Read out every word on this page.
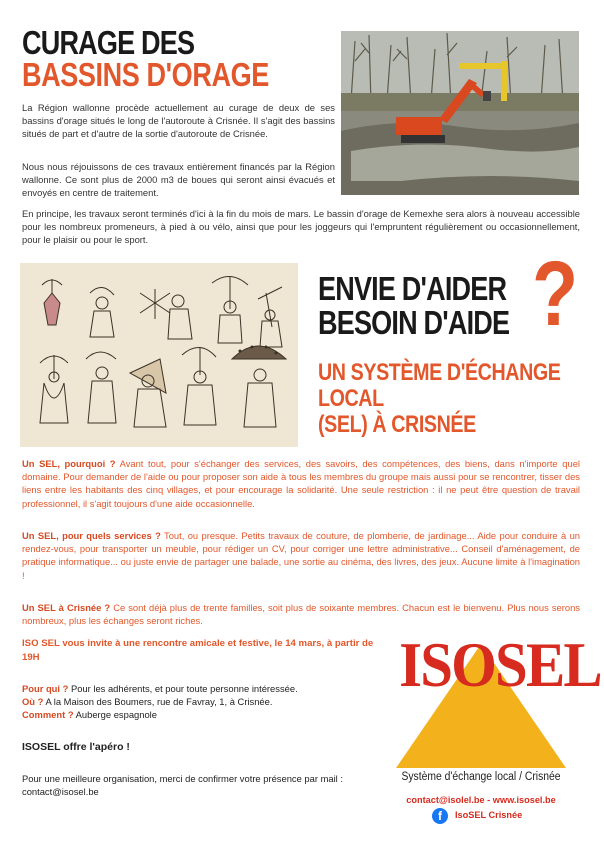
CURAGE DES
BASSINS D'ORAGE
La Région wallonne procède actuellement au curage de deux de ses bassins d'orage situés le long de l'autoroute à Crisnée. Il s'agit des bassins situés de part et d'autre de la sortie d'autoroute de Crisnée.
Nous nous réjouissons de ces travaux entièrement financés par la Région wallonne. Ce sont plus de 2000 m3 de boues qui seront ainsi évacués et envoyés en centre de traitement.
En principe, les travaux seront terminés d'ici à la fin du mois de mars. Le bassin d'orage de Kemexhe sera alors à nouveau accessible pour les nombreux promeneurs, à pied à ou vélo, ainsi que pour les joggeurs qui l'empruntent régulièrement ou occasionnellement, pour le plaisir ou pour le sport.
ENVIE D'AIDER
BESOIN D'AIDE ?
UN SYSTÈME D'ÉCHANGE
LOCAL
(SEL) À CRISNÉE
Un SEL, pourquoi ? Avant tout, pour s'échanger des services, des savoirs, des compétences, des biens, dans n'importe quel domaine. Pour demander de l'aide ou pour proposer son aide à tous les membres du groupe mais aussi pour se rencontrer, tisser des liens entre les habitants des cinq villages, et pour encourage la solidarité. Une seule restriction : il ne peut être question de travail professionnel, il s'agit toujours d'une aide occasionnelle.
Un SEL, pour quels services ? Tout, ou presque. Petits travaux de couture, de plomberie, de jardinage... Aide pour conduire à un rendez-vous, pour transporter un meuble, pour rédiger un CV, pour corriger une lettre administrative... Conseil d'aménagement, de pratique informatique... ou juste envie de partager une balade, une sortie au cinéma, des livres, des jeux. Aucune limite à l'imagination !
Un SEL à Crisnée ? Ce sont déjà plus de trente familles, soit plus de soixante membres. Chacun est le bienvenu. Plus nous serons nombreux, plus les échanges seront riches.
ISO SEL vous invite à une rencontre amicale et festive, le 14 mars, à partir de 19H
Pour qui ? Pour les adhérents, et pour toute personne intéressée.
Où ? A la Maison des Boumers, rue de Favray, 1, à Crisnée.
Comment ? Auberge espagnole
ISOSEL offre l'apéro !
Pour une meilleure organisation, merci de confirmer votre présence par mail : contact@isosel.be
ISOSEL
Système d'échange local / Crisnée
contact@isolel.be - www.isosel.be
f	IsoSEL Crisnée
